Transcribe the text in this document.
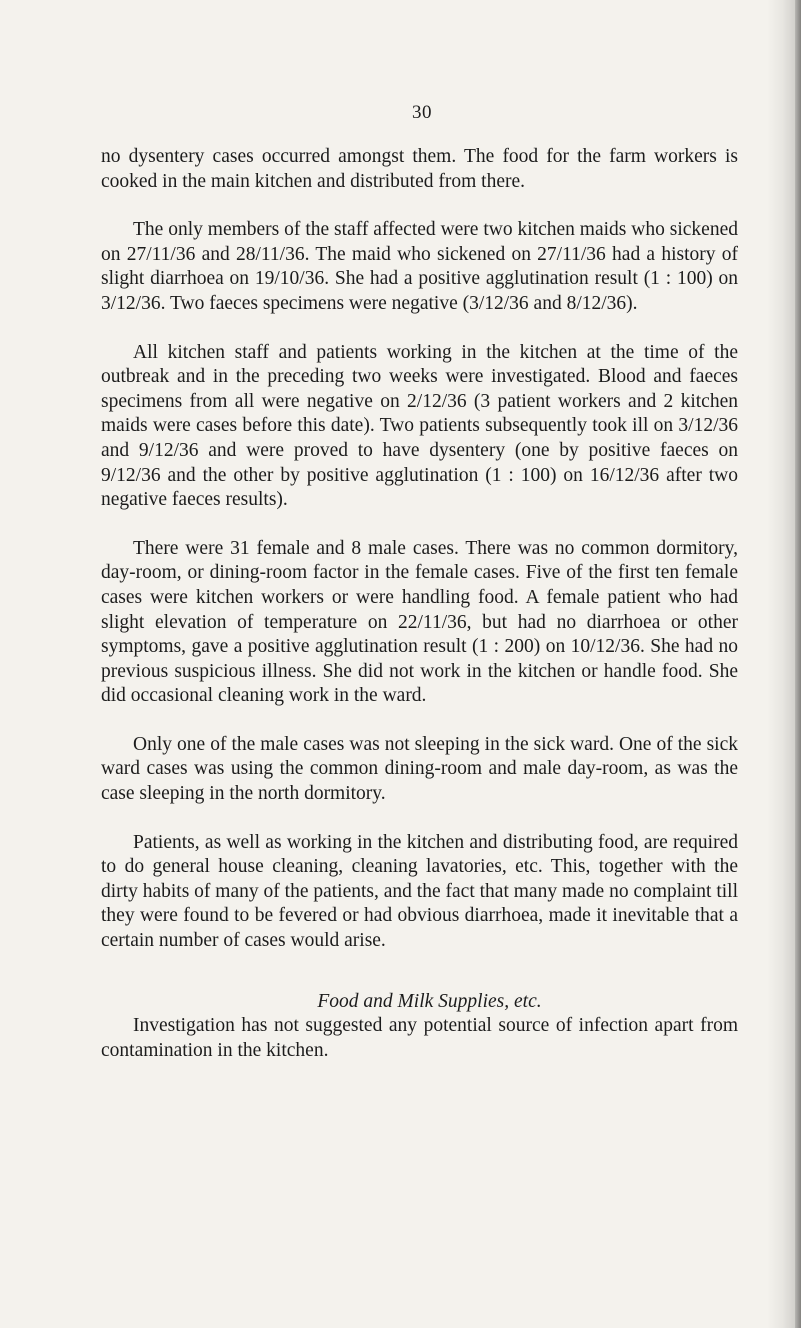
30

no dysentery cases occurred amongst them. The food for the farm workers is cooked in the main kitchen and distributed from there.

The only members of the staff affected were two kitchen maids who sickened on 27/11/36 and 28/11/36. The maid who sickened on 27/11/36 had a history of slight diarrhoea on 19/10/36. She had a positive agglutination result (1 : 100) on 3/12/36. Two faeces specimens were negative (3/12/36 and 8/12/36).

All kitchen staff and patients working in the kitchen at the time of the outbreak and in the preceding two weeks were investigated. Blood and faeces specimens from all were negative on 2/12/36 (3 patient workers and 2 kitchen maids were cases before this date). Two patients subsequently took ill on 3/12/36 and 9/12/36 and were proved to have dysentery (one by positive faeces on 9/12/36 and the other by positive agglutination (1 : 100) on 16/12/36 after two negative faeces results).

There were 31 female and 8 male cases. There was no common dormitory, day-room, or dining-room factor in the female cases. Five of the first ten female cases were kitchen workers or were handling food. A female patient who had slight elevation of temperature on 22/11/36, but had no diarrhoea or other symptoms, gave a positive agglutination result (1 : 200) on 10/12/36. She had no previous suspicious illness. She did not work in the kitchen or handle food. She did occasional cleaning work in the ward.

Only one of the male cases was not sleeping in the sick ward. One of the sick ward cases was using the common dining-room and male day-room, as was the case sleeping in the north dormitory.

Patients, as well as working in the kitchen and distributing food, are required to do general house cleaning, cleaning lavatories, etc. This, together with the dirty habits of many of the patients, and the fact that many made no complaint till they were found to be fevered or had obvious diarrhoea, made it inevitable that a certain number of cases would arise.

Food and Milk Supplies, etc.

Investigation has not suggested any potential source of infection apart from contamination in the kitchen.
